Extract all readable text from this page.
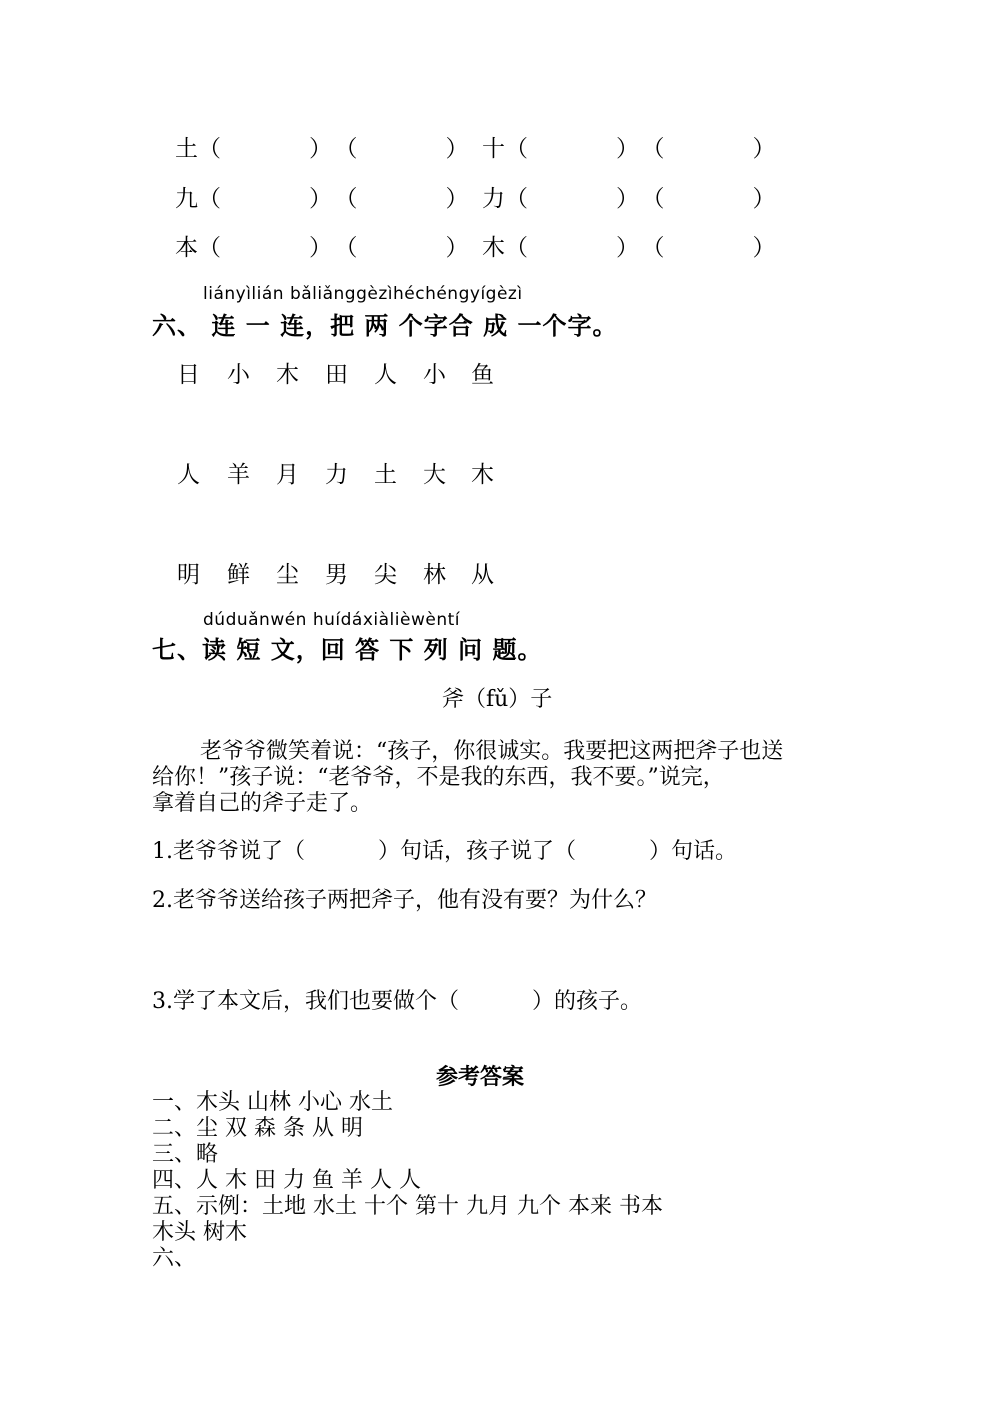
土（　　）（　　）
九（　　）（　　）
本（　　）（　　）
十（　　）（　　）
力（　　）（　　）
木（　　）（　　）
liányìlián bǎliǎnggèzìhéchéngyígèzì
六、 连 一 连，把 两 个字合 成 一个字。
日 小 木 田 人 小 鱼
人 羊 月 力 土 大 木
明 鲜 尘 男 尖 林 从
dúduǎnwén huídáxiàlièwèntí
七、读 短 文，回 答 下 列 问 题。
斧（fǔ）子
老爷爷微笑着说：“孩子，你很诚实。我要把这两把斧子也送
给你！”孩子说：“老爷爷，不是我的东西，我不要。”说完，
拿着自己的斧子走了。
1.老爷爷说了（　　　 ）句话，孩子说了（　　　 ）句话。
2.老爷爷送给孩子两把斧子，他有没有要？为什么？
3.学了本文后，我们也要做个（　　　 ）的孩子。
参考答案
一、木头 山林 小心 水土
二、尘 双 森 条 从 明
三、略
四、人 木 田 力 鱼 羊 人 人
五、示例：土地 水土 十个 第十 九月 九个 本来 书本
木头 树木
六、
